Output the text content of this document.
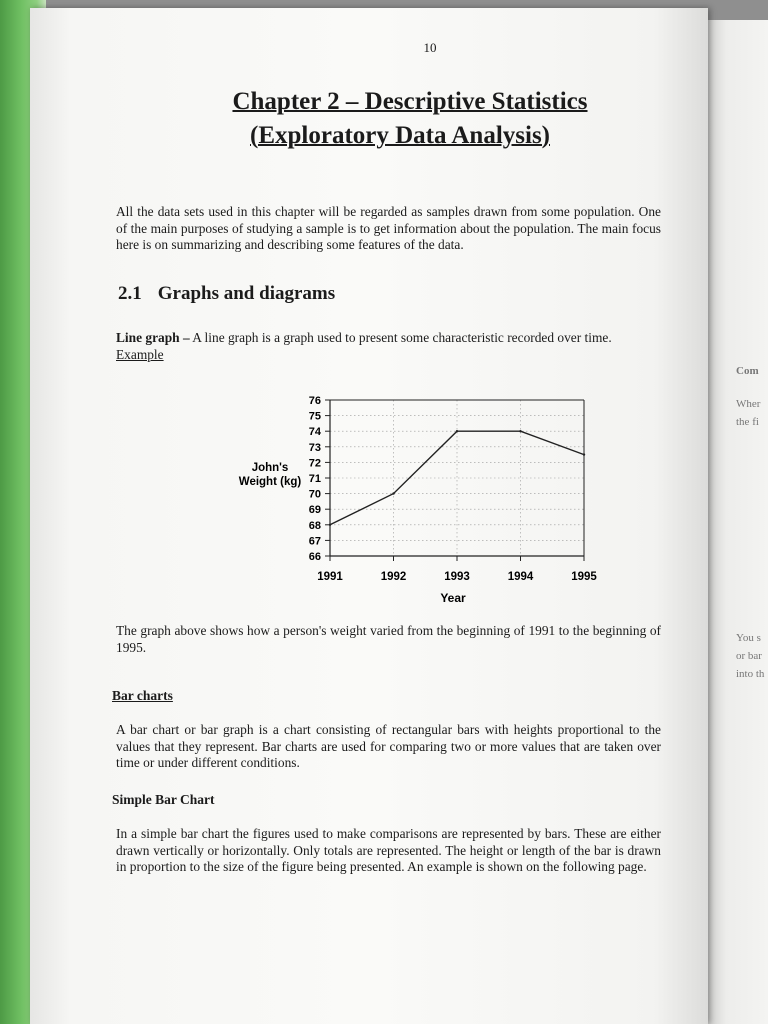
Com
Wher
the fi
You s
or bar
into th
10
Chapter 2 – Descriptive Statistics
(Exploratory Data Analysis)
All the data sets used in this chapter will be regarded as samples drawn from some population. One of the main purposes of studying a sample is to get information about the population. The main focus here is on summarizing and describing some features of the data.
2.1 Graphs and diagrams
Line graph – A line graph is a graph used to present some characteristic recorded over time.
Example
66
67
68
69
70
71
72
73
74
75
76
1991	1992	1993	1994	1995
John's
Weight (kg)
Year
The graph above shows how a person's weight varied from the beginning of 1991 to the beginning of 1995.
Bar charts
A bar chart or bar graph is a chart consisting of rectangular bars with heights proportional to the values that they represent. Bar charts are used for comparing two or more values that are taken over time or under different conditions.
Simple Bar Chart
In a simple bar chart the figures used to make comparisons are represented by bars. These are either drawn vertically or horizontally. Only totals are represented. The height or length of the bar is drawn in proportion to the size of the figure being presented. An example is shown on the following page.
